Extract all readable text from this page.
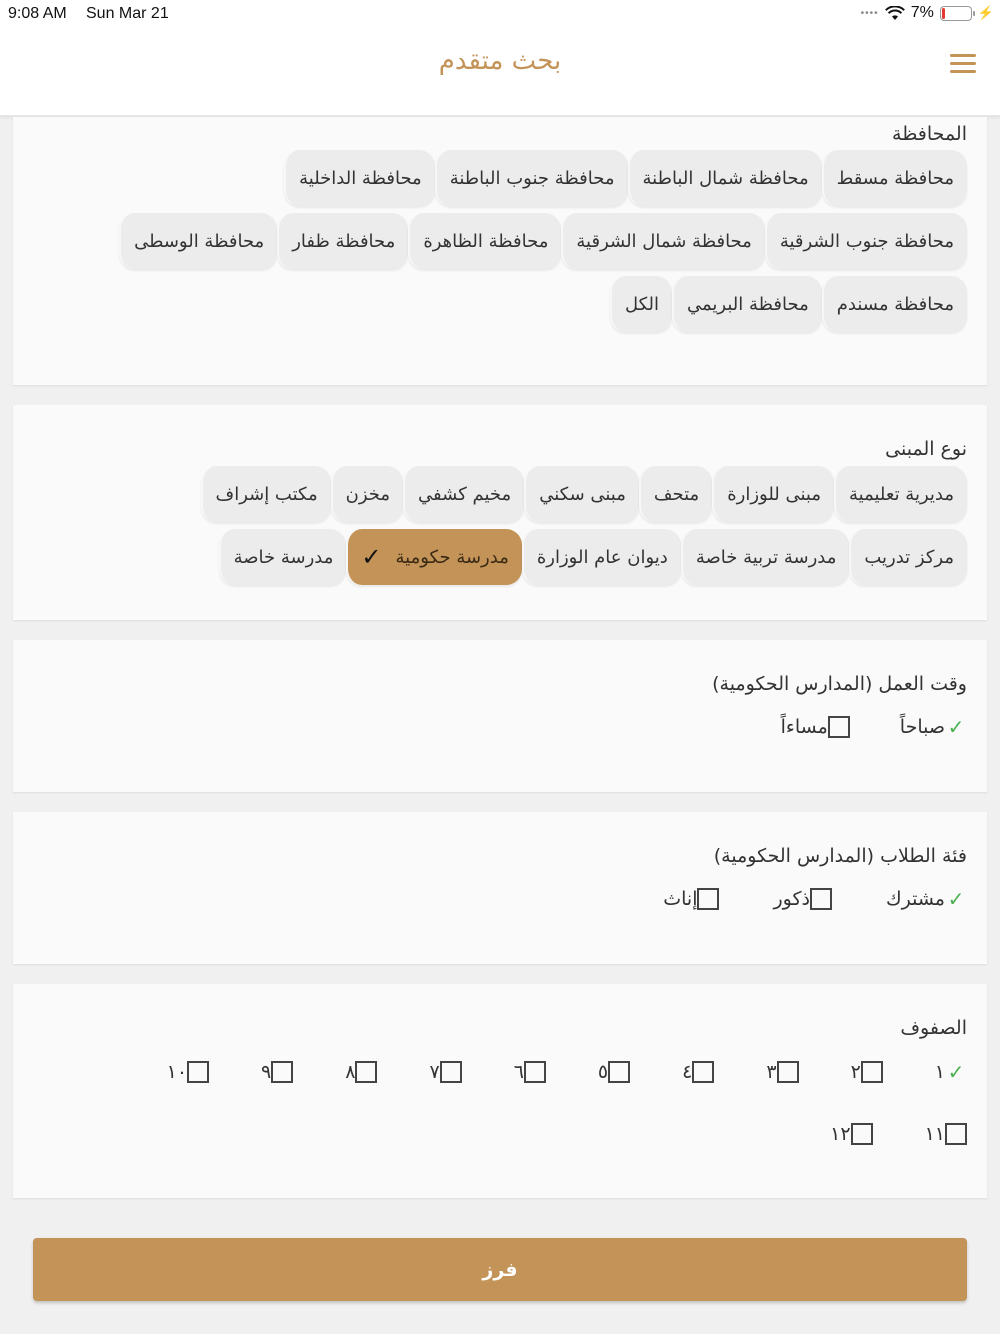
9:08 AM Sun Mar 21	•••• 7%	⚡
بحث متقدم
المحافظة
محافظة مسقط
محافظة شمال الباطنة
محافظة جنوب الباطنة
محافظة الداخلية
محافظة جنوب الشرقية
محافظة شمال الشرقية
محافظة الظاهرة
محافظة ظفار
محافظة الوسطى
محافظة مسندم
محافظة البريمي
الكل
نوع المبنى
مديرية تعليمية
مبنى للوزارة
متحف
مبنى سكني
مخيم كشفي
مخزن
مكتب إشراف
مركز تدريب
مدرسة تربية خاصة
ديوان عام الوزارة
مدرسة حكومية
✓
مدرسة خاصة
وقت العمل (المدارس الحكومية)
✓
صباحاً
مساءاً
فئة الطلاب (المدارس الحكومية)
✓
مشترك
ذكور
إناث
الصفوف
✓
١
٢
٣
٤
٥
٦
٧
٨
٩
١٠
١١
١٢
فرز
